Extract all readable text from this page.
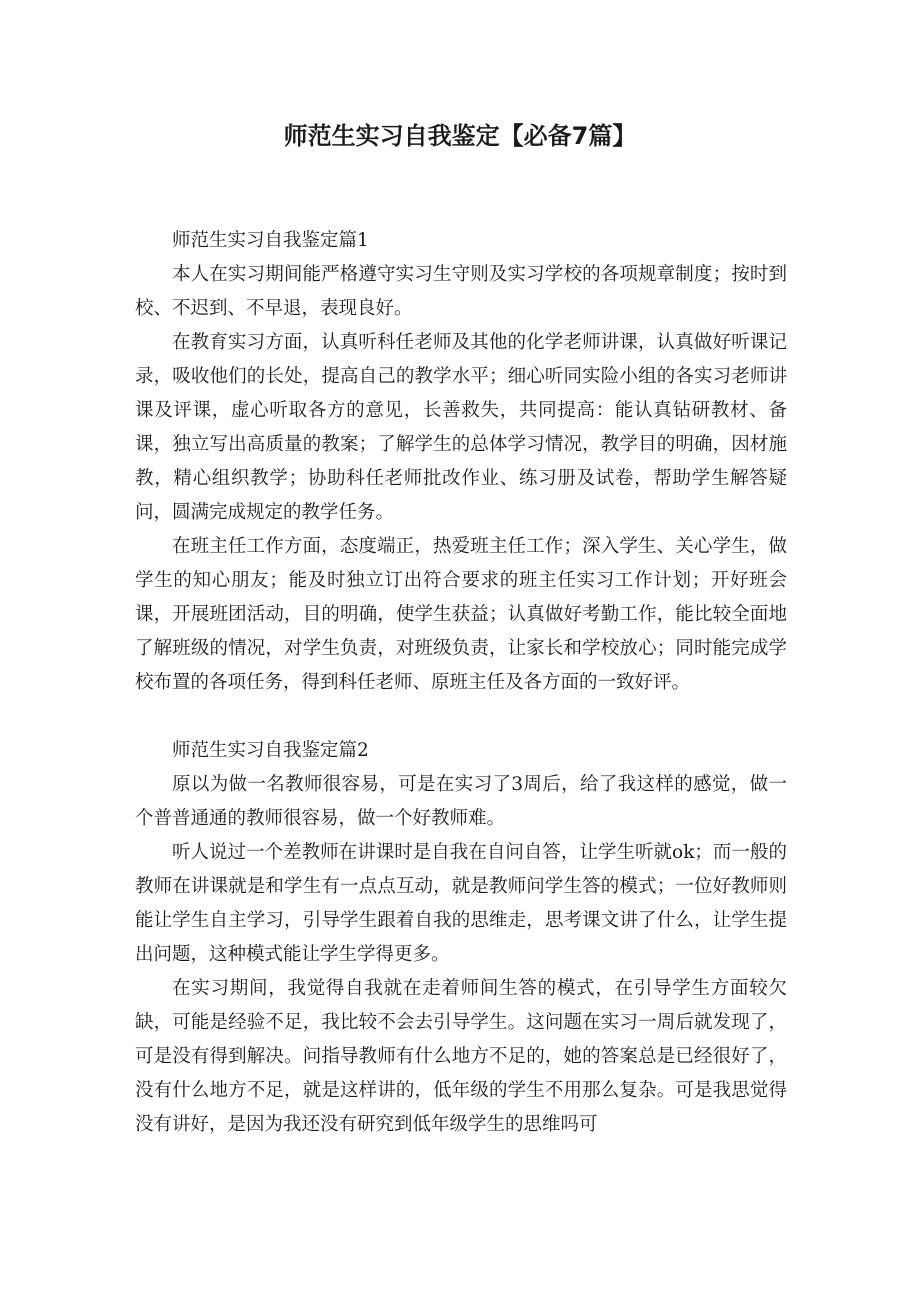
师范生实习自我鉴定【必备7篇】
师范生实习自我鉴定篇1

本人在实习期间能严格遵守实习生守则及实习学校的各项规章制度；按时到校、不迟到、不早退，表现良好。

在教育实习方面，认真听科任老师及其他的化学老师讲课，认真做好听课记录，吸收他们的长处，提高自己的教学水平；细心听同实险小组的各实习老师讲课及评课，虚心听取各方的意见，长善救失，共同提高：能认真钻研教材、备课，独立写出高质量的教案；了解学生的总体学习情况，教学目的明确，因材施教，精心组织教学；协助科任老师批改作业、练习册及试卷，帮助学生解答疑问，圆满完成规定的教学任务。

在班主任工作方面，态度端正，热爱班主任工作；深入学生、关心学生，做学生的知心朋友；能及时独立订出符合要求的班主任实习工作计划；开好班会课，开展班团活动，目的明确，使学生获益；认真做好考勤工作，能比较全面地了解班级的情况，对学生负责，对班级负责，让家长和学校放心；同时能完成学校布置的各项任务，得到科任老师、原班主任及各方面的一致好评。

师范生实习自我鉴定篇2

原以为做一名教师很容易，可是在实习了3周后，给了我这样的感觉，做一个普普通通的教师很容易，做一个好教师难。

听人说过一个差教师在讲课时是自我在自问自答，让学生听就ok；而一般的教师在讲课就是和学生有一点点互动，就是教师问学生答的模式；一位好教师则能让学生自主学习，引导学生跟着自我的思维走，思考课文讲了什么，让学生提出问题，这种模式能让学生学得更多。

在实习期间，我觉得自我就在走着师间生答的模式，在引导学生方面较欠缺，可能是经验不足，我比较不会去引导学生。这问题在实习一周后就发现了，可是没有得到解决。问指导教师有什么地方不足的，她的答案总是已经很好了，没有什么地方不足，就是这样讲的，低年级的学生不用那么复杂。可是我思觉得没有讲好，是因为我还没有研究到低年级学生的思维吗可
